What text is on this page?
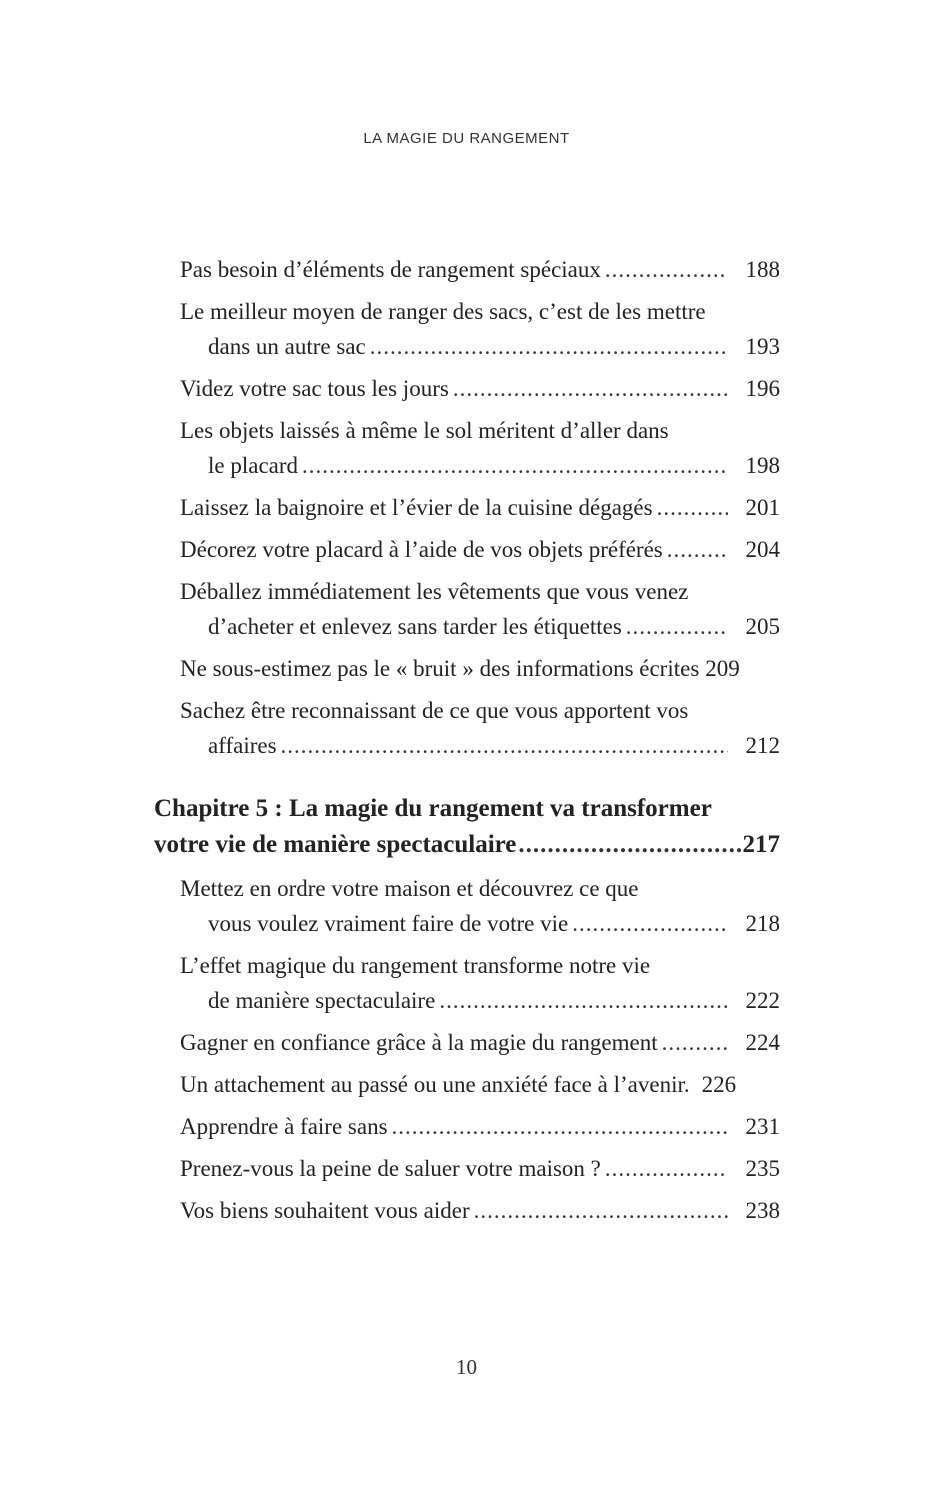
LA MAGIE DU RANGEMENT
Pas besoin d’éléments de rangement spéciaux .....	188
Le meilleur moyen de ranger des sacs, c’est de les mettre
dans un autre sac .....	193
Videz votre sac tous les jours .....	196
Les objets laissés à même le sol méritent d’aller dans
le placard .....	198
Laissez la baignoire et l’évier de la cuisine dégagés .....	201
Décorez votre placard à l’aide de vos objets préférés .....	204
Déballez immédiatement les vêtements que vous venez
d’acheter et enlevez sans tarder les étiquettes .....	205
Ne sous-estimez pas le « bruit » des informations écrites 209
Sachez être reconnaissant de ce que vous apportent vos
affaires .....	212
Chapitre 5 : La magie du rangement va transformer
votre vie de manière spectaculaire .....	217
Mettez en ordre votre maison et découvrez ce que
vous voulez vraiment faire de votre vie .....	218
L’effet magique du rangement transforme notre vie
de manière spectaculaire .....	222
Gagner en confiance grâce à la magie du rangement .....	224
Un attachement au passé ou une anxiété face à l’avenir. 226
Apprendre à faire sans .....	231
Prenez-vous la peine de saluer votre maison ? .....	235
Vos biens souhaitent vous aider .....	238
10
